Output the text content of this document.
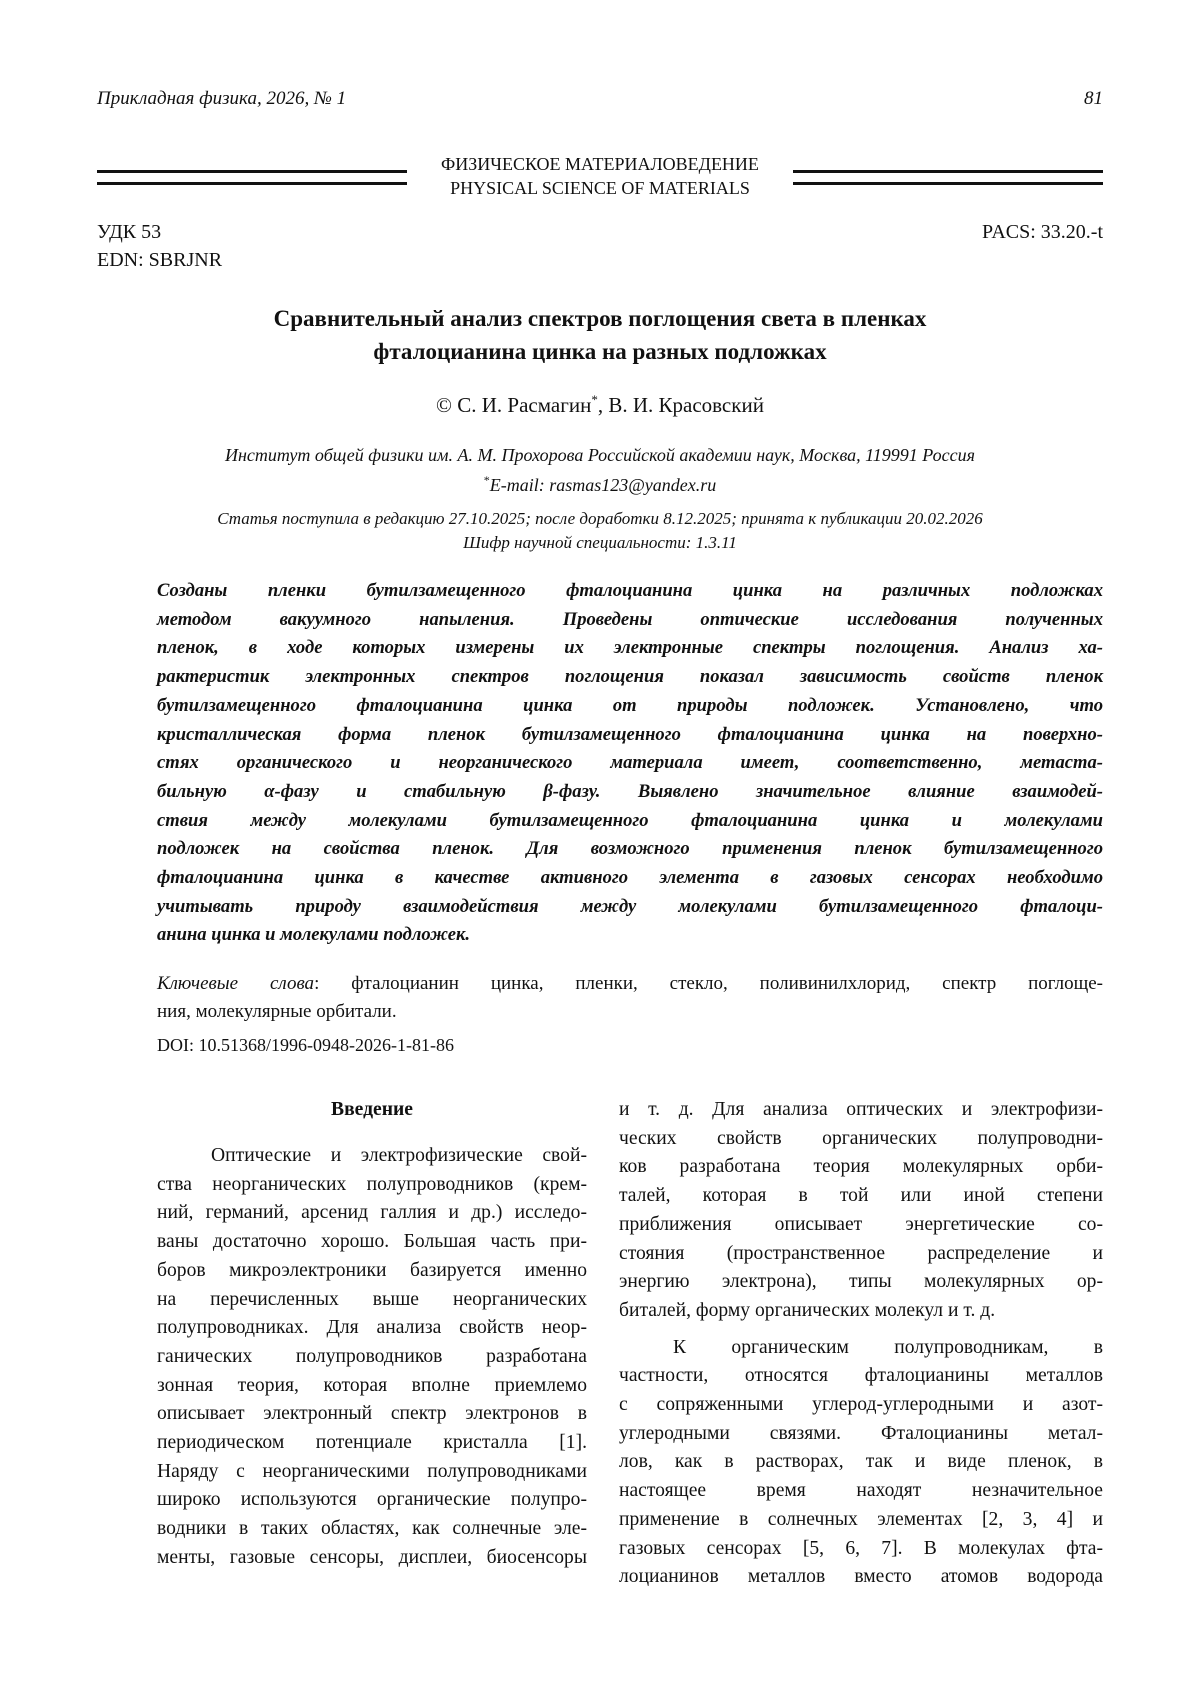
Прикладная физика, 2026, № 1	81
ФИЗИЧЕСКОЕ МАТЕРИАЛОВЕДЕНИЕ
PHYSICAL SCIENCE OF MATERIALS
УДК 53
EDN: SBRJNR
PACS: 33.20.-t
Сравнительный анализ спектров поглощения света в пленках
фталоцианина цинка на разных подложках
© С. И. Расмагин*, В. И. Красовский
Институт общей физики им. А. М. Прохорова Российской академии наук, Москва, 119991 Россия
*E-mail: rasmas123@yandex.ru
Статья поступила в редакцию 27.10.2025; после доработки 8.12.2025; принята к публикации 20.02.2026
Шифр научной специальности: 1.3.11
Созданы пленки бутилзамещенного фталоцианина цинка на различных подложках
методом вакуумного напыления. Проведены оптические исследования полученных
пленок, в ходе которых измерены их электронные спектры поглощения. Анализ ха-
рактеристик электронных спектров поглощения показал зависимость свойств пленок
бутилзамещенного фталоцианина цинка от природы подложек. Установлено, что
кристаллическая форма пленок бутилзамещенного фталоцианина цинка на поверхно-
стях органического и неорганического материала имеет, соответственно, метаста-
бильную α-фазу и стабильную β-фазу. Выявлено значительное влияние взаимодей-
ствия между молекулами бутилзамещенного фталоцианина цинка и молекулами
подложек на свойства пленок. Для возможного применения пленок бутилзамещенного
фталоцианина цинка в качестве активного элемента в газовых сенсорах необходимо
учитывать природу взаимодействия между молекулами бутилзамещенного фталоци-
анина цинка и молекулами подложек.
Ключевые слова: фталоцианин цинка, пленки, стекло, поливинилхлорид, спектр поглоще-
ния, молекулярные орбитали.
DOI: 10.51368/1996-0948-2026-1-81-86
Введение
Оптические и электрофизические свой-
ства неорганических полупроводников (крем-
ний, германий, арсенид галлия и др.) исследо-
ваны достаточно хорошо. Большая часть при-
боров микроэлектроники базируется именно
на перечисленных выше неорганических
полупроводниках. Для анализа свойств неор-
ганических полупроводников разработана
зонная теория, которая вполне приемлемо
описывает электронный спектр электронов в
периодическом потенциале кристалла [1].
Наряду с неорганическими полупроводниками
широко используются органические полупро-
водники в таких областях, как солнечные эле-
менты, газовые сенсоры, дисплеи, биосенсоры
и т. д. Для анализа оптических и электрофизи-
ческих свойств органических полупроводни-
ков разработана теория молекулярных орби-
талей, которая в той или иной степени
приближения описывает энергетические со-
стояния (пространственное распределение и
энергию электрона), типы молекулярных ор-
биталей, форму органических молекул и т. д.
К органическим полупроводникам, в
частности, относятся фталоцианины металлов
с сопряженными углерод-углеродными и азот-
углеродными связями. Фталоцианины метал-
лов, как в растворах, так и виде пленок, в
настоящее время находят незначительное
применение в солнечных элементах [2, 3, 4] и
газовых сенсорах [5, 6, 7]. В молекулах фта-
лоцианинов металлов вместо атомов водорода
